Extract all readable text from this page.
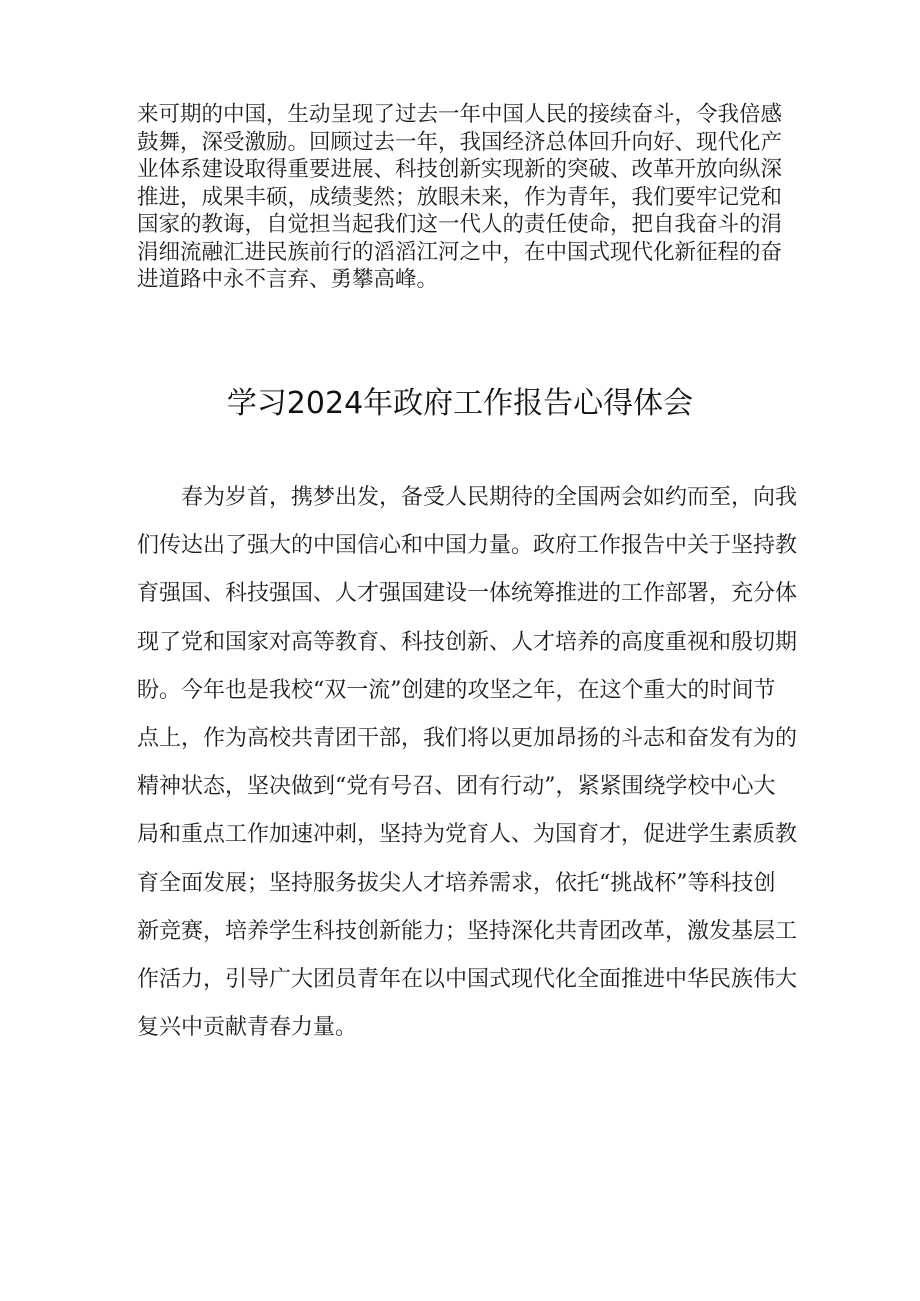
来可期的中国，生动呈现了过去一年中国人民的接续奋斗，令我倍感鼓舞，深受激励。回顾过去一年，我国经济总体回升向好、现代化产业体系建设取得重要进展、科技创新实现新的突破、改革开放向纵深推进，成果丰硕，成绩斐然；放眼未来，作为青年，我们要牢记党和国家的教诲，自觉担当起我们这一代人的责任使命，把自我奋斗的涓涓细流融汇进民族前行的滔滔江河之中，在中国式现代化新征程的奋进道路中永不言弃、勇攀高峰。

学习2024年政府工作报告心得体会

春为岁首，携梦出发，备受人民期待的全国两会如约而至，向我们传达出了强大的中国信心和中国力量。政府工作报告中关于坚持教育强国、科技强国、人才强国建设一体统筹推进的工作部署，充分体现了党和国家对高等教育、科技创新、人才培养的高度重视和殷切期盼。今年也是我校“双一流”创建的攻坚之年，在这个重大的时间节点上，作为高校共青团干部，我们将以更加昂扬的斗志和奋发有为的精神状态，坚决做到“党有号召、团有行动”，紧紧围绕学校中心大局和重点工作加速冲刺，坚持为党育人、为国育才，促进学生素质教育全面发展；坚持服务拔尖人才培养需求，依托“挑战杯”等科技创新竞赛，培养学生科技创新能力；坚持深化共青团改革，激发基层工作活力，引导广大团员青年在以中国式现代化全面推进中华民族伟大复兴中贡献青春力量。
